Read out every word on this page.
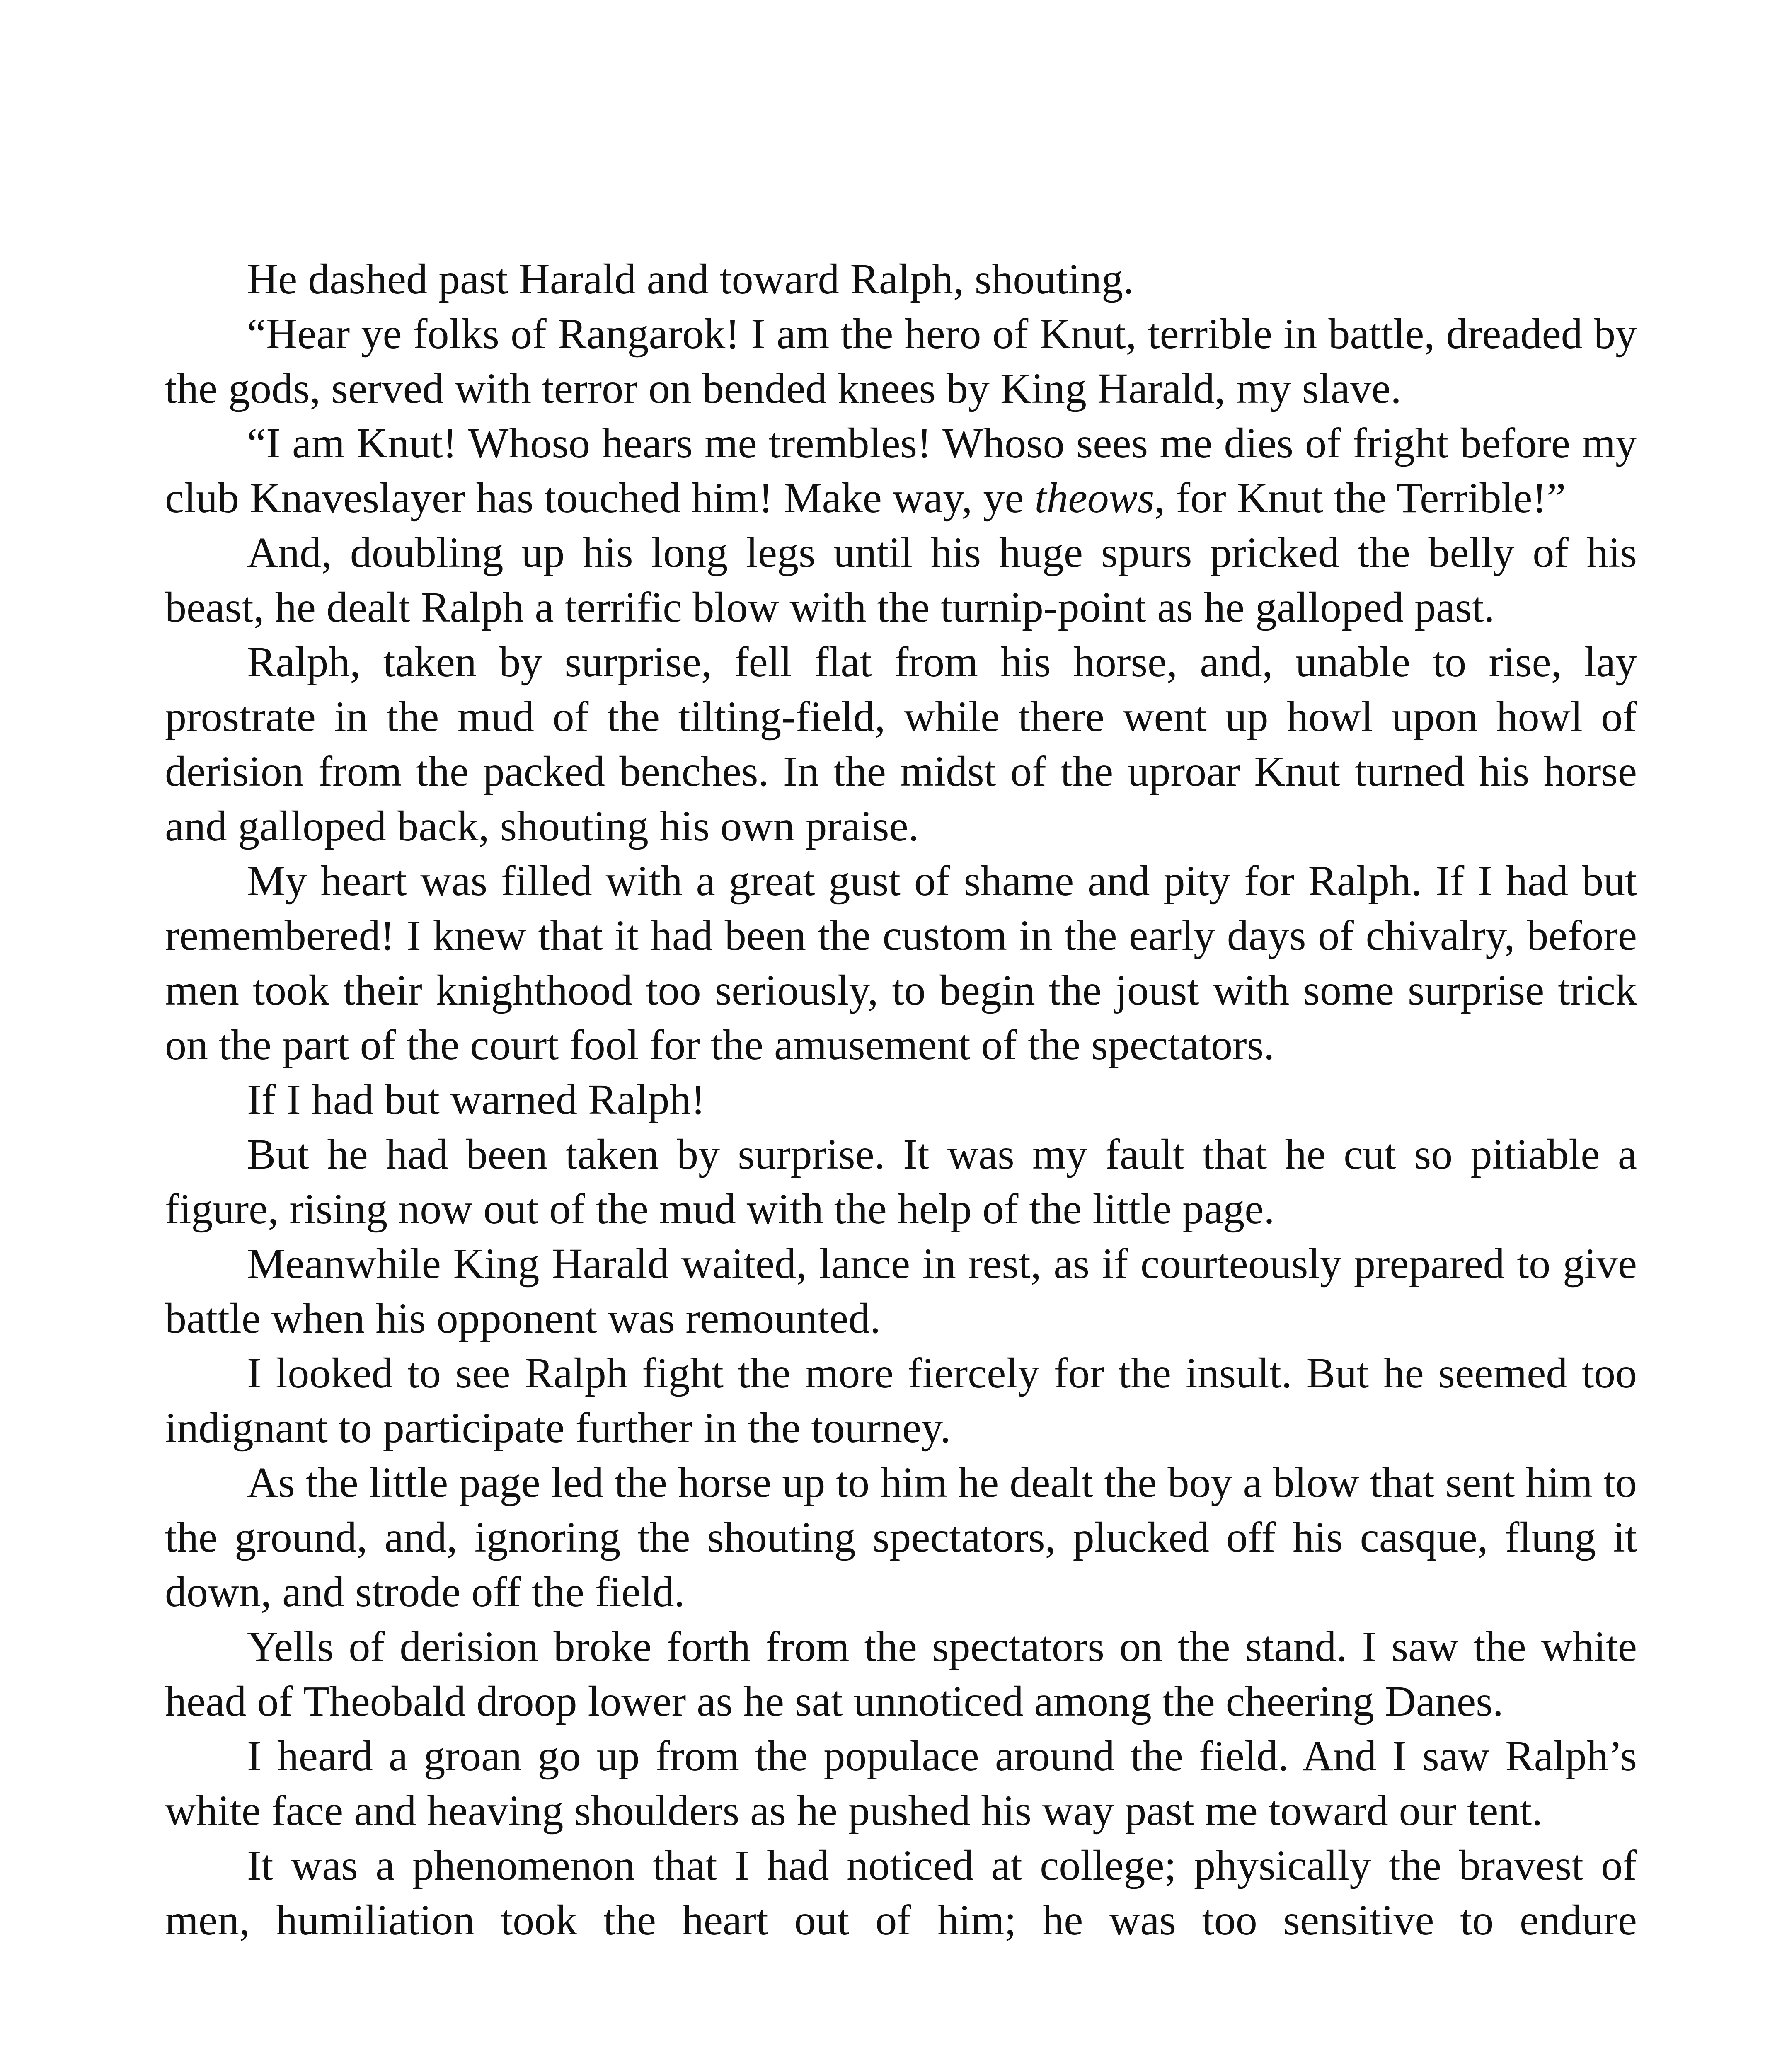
He dashed past Harald and toward Ralph, shouting.

“Hear ye folks of Rangarok! I am the hero of Knut, terrible in battle, dreaded by the gods, served with terror on bended knees by King Harald, my slave.

“I am Knut! Whoso hears me trembles! Whoso sees me dies of fright before my club Knaveslayer has touched him! Make way, ye theows, for Knut the Terrible!”

And, doubling up his long legs until his huge spurs pricked the belly of his beast, he dealt Ralph a terrific blow with the turnip-point as he galloped past.

Ralph, taken by surprise, fell flat from his horse, and, unable to rise, lay prostrate in the mud of the tilting-field, while there went up howl upon howl of derision from the packed benches. In the midst of the uproar Knut turned his horse and galloped back, shouting his own praise.

My heart was filled with a great gust of shame and pity for Ralph. If I had but remembered! I knew that it had been the custom in the early days of chivalry, before men took their knighthood too seriously, to begin the joust with some surprise trick on the part of the court fool for the amusement of the spectators.

If I had but warned Ralph!

But he had been taken by surprise. It was my fault that he cut so pitiable a figure, rising now out of the mud with the help of the little page.

Meanwhile King Harald waited, lance in rest, as if courteously prepared to give battle when his opponent was remounted.

I looked to see Ralph fight the more fiercely for the insult. But he seemed too indignant to participate further in the tourney.

As the little page led the horse up to him he dealt the boy a blow that sent him to the ground, and, ignoring the shouting spectators, plucked off his casque, flung it down, and strode off the field.

Yells of derision broke forth from the spectators on the stand. I saw the white head of Theobald droop lower as he sat unnoticed among the cheering Danes.

I heard a groan go up from the populace around the field. And I saw Ralph’s white face and heaving shoulders as he pushed his way past me toward our tent.

It was a phenomenon that I had noticed at college; physically the bravest of men, humiliation took the heart out of him; he was too sensitive to endure
